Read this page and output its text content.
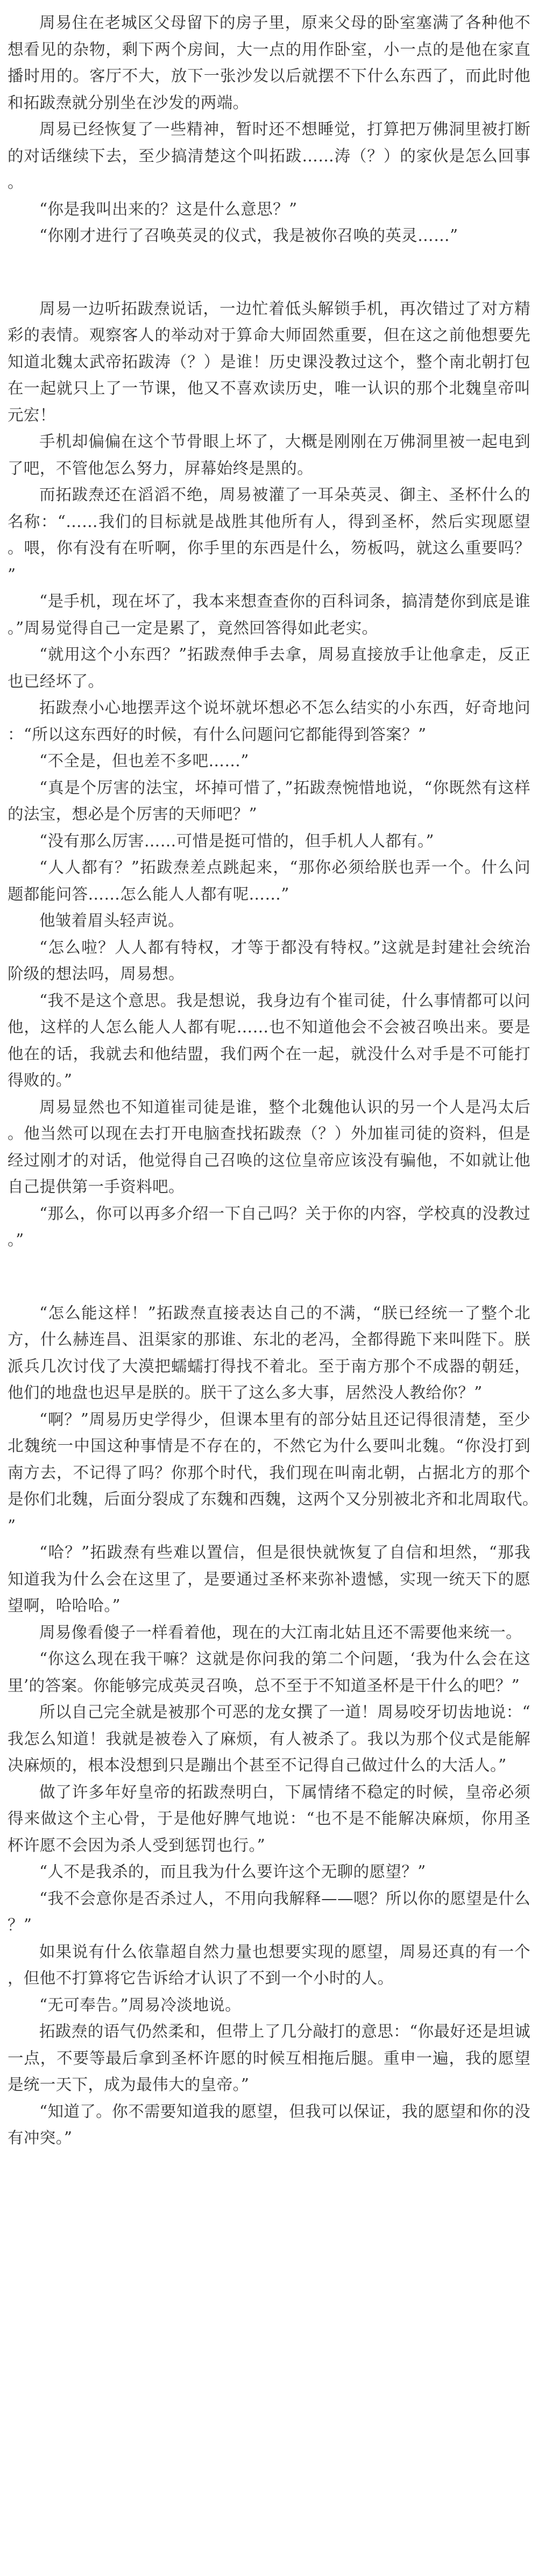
周易住在老城区父母留下的房子里，原来父母的卧室塞满了各种他不想看见的杂物，剩下两个房间，大一点的用作卧室，小一点的是他在家直播时用的。客厅不大，放下一张沙发以后就摆不下什么东西了，而此时他和拓跋焘就分别坐在沙发的两端。

周易已经恢复了一些精神，暂时还不想睡觉，打算把万佛洞里被打断的对话继续下去，至少搞清楚这个叫拓跋……涛（？）的家伙是怎么回事。

“你是我叫出来的？这是什么意思？”

“你刚才进行了召唤英灵的仪式，我是被你召唤的英灵……”

周易一边听拓跋焘说话，一边忙着低头解锁手机，再次错过了对方精彩的表情。观察客人的举动对于算命大师固然重要，但在这之前他想要先知道北魏太武帝拓跋涛（？）是谁！历史课没教过这个，整个南北朝打包在一起就只上了一节课，他又不喜欢读历史，唯一认识的那个北魏皇帝叫元宏！

手机却偏偏在这个节骨眼上坏了，大概是刚刚在万佛洞里被一起电到了吧，不管他怎么努力，屏幕始终是黑的。

而拓跋焘还在滔滔不绝，周易被灌了一耳朵英灵、御主、圣杯什么的名称：“……我们的目标就是战胜其他所有人，得到圣杯，然后实现愿望。喂，你有没有在听啊，你手里的东西是什么，笏板吗，就这么重要吗？”

“是手机，现在坏了，我本来想查查你的百科词条，搞清楚你到底是谁。”周易觉得自己一定是累了，竟然回答得如此老实。

“就用这个小东西？”拓跋焘伸手去拿，周易直接放手让他拿走，反正也已经坏了。

拓跋焘小心地摆弄这个说坏就坏想必不怎么结实的小东西，好奇地问：“所以这东西好的时候，有什么问题问它都能得到答案？”

“不全是，但也差不多吧……”

“真是个厉害的法宝，坏掉可惜了，”拓跋焘惋惜地说，“你既然有这样的法宝，想必是个厉害的天师吧？”

“没有那么厉害……可惜是挺可惜的，但手机人人都有。”

“人人都有？”拓跋焘差点跳起来，“那你必须给朕也弄一个。什么问题都能问答……怎么能人人都有呢……”

他皱着眉头轻声说。

“怎么啦？人人都有特权，才等于都没有特权。”这就是封建社会统治阶级的想法吗，周易想。

“我不是这个意思。我是想说，我身边有个崔司徒，什么事情都可以问他，这样的人怎么能人人都有呢……也不知道他会不会被召唤出来。要是他在的话，我就去和他结盟，我们两个在一起，就没什么对手是不可能打得败的。”

周易显然也不知道崔司徒是谁，整个北魏他认识的另一个人是冯太后。他当然可以现在去打开电脑查找拓跋焘（？）外加崔司徒的资料，但是经过刚才的对话，他觉得自己召唤的这位皇帝应该没有骗他，不如就让他自己提供第一手资料吧。

“那么，你可以再多介绍一下自己吗？关于你的内容，学校真的没教过。”

“怎么能这样！”拓跋焘直接表达自己的不满，“朕已经统一了整个北方，什么赫连昌、沮渠家的那谁、东北的老冯，全都得跪下来叫陛下。朕派兵几次讨伐了大漠把蠕蠕打得找不着北。至于南方那个不成器的朝廷，他们的地盘也迟早是朕的。朕干了这么多大事，居然没人教给你？”

“啊？”周易历史学得少，但课本里有的部分姑且还记得很清楚，至少北魏统一中国这种事情是不存在的，不然它为什么要叫北魏。“你没打到南方去，不记得了吗？你那个时代，我们现在叫南北朝，占据北方的那个是你们北魏，后面分裂成了东魏和西魏，这两个又分别被北齐和北周取代。”

“哈？”拓跋焘有些难以置信，但是很快就恢复了自信和坦然，“那我知道我为什么会在这里了，是要通过圣杯来弥补遗憾，实现一统天下的愿望啊，哈哈哈。”

周易像看傻子一样看着他，现在的大江南北姑且还不需要他来统一。

“你这么现在我干嘛？这就是你问我的第二个问题，‘我为什么会在这里’的答案。你能够完成英灵召唤，总不至于不知道圣杯是干什么的吧？”

所以自己完全就是被那个可恶的龙女撰了一道！周易咬牙切齿地说：“我怎么知道！我就是被卷入了麻烦，有人被杀了。我以为那个仪式是能解决麻烦的，根本没想到只是蹦出个甚至不记得自己做过什么的大活人。”

做了许多年好皇帝的拓跋焘明白，下属情绪不稳定的时候，皇帝必须得来做这个主心骨，于是他好脾气地说：“也不是不能解决麻烦，你用圣杯许愿不会因为杀人受到惩罚也行。”

“人不是我杀的，而且我为什么要许这个无聊的愿望？”

“我不会意你是否杀过人，不用向我解释——嗯？所以你的愿望是什么？”

如果说有什么依靠超自然力量也想要实现的愿望，周易还真的有一个，但他不打算将它告诉给才认识了不到一个小时的人。

“无可奉告。”周易冷淡地说。

拓跋焘的语气仍然柔和，但带上了几分敲打的意思：“你最好还是坦诚一点，不要等最后拿到圣杯许愿的时候互相拖后腿。重申一遍，我的愿望是统一天下，成为最伟大的皇帝。”

“知道了。你不需要知道我的愿望，但我可以保证，我的愿望和你的没有冲突。”
